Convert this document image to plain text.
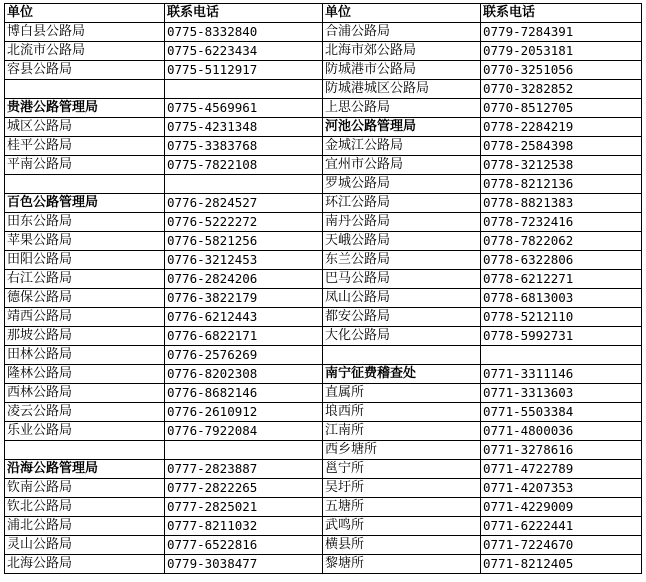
单位	联系电话	单位	联系电话
博白县公路局	0775-8332840	合浦公路局	0779-7284391
北流市公路局	0775-6223434	北海市郊公路局	0779-2053181
容县公路局	0775-5112917	防城港市公路局	0770-3251056
		防城港城区公路局	0770-3282852
贵港公路管理局	0775-4569961	上思公路局	0770-8512705
城区公路局	0775-4231348	河池公路管理局	0778-2284219
桂平公路局	0775-3383768	金城江公路局	0778-2584398
平南公路局	0775-7822108	宜州市公路局	0778-3212538
		罗城公路局	0778-8212136
百色公路管理局	0776-2824527	环江公路局	0778-8821383
田东公路局	0776-5222272	南丹公路局	0778-7232416
苹果公路局	0776-5821256	天峨公路局	0778-7822062
田阳公路局	0776-3212453	东兰公路局	0778-6322806
右江公路局	0776-2824206	巴马公路局	0778-6212271
德保公路局	0776-3822179	凤山公路局	0778-6813003
靖西公路局	0776-6212443	都安公路局	0778-5212110
那坡公路局	0776-6822171	大化公路局	0778-5992731
田林公路局	0776-2576269		
隆林公路局	0776-8202308	南宁征费稽查处	0771-3311146
西林公路局	0776-8682146	直属所	0771-3313603
凌云公路局	0776-2610912	埌西所	0771-5503384
乐业公路局	0776-7922084	江南所	0771-4800036
		西乡塘所	0771-3278616
沿海公路管理局	0777-2823887	邕宁所	0771-4722789
钦南公路局	0777-2822265	吴圩所	0771-4207353
钦北公路局	0777-2825021	五塘所	0771-4229009
浦北公路局	0777-8211032	武鸣所	0771-6222441
灵山公路局	0777-6522816	横县所	0771-7224670
北海公路局	0779-3038477	黎塘所	0771-8212405
